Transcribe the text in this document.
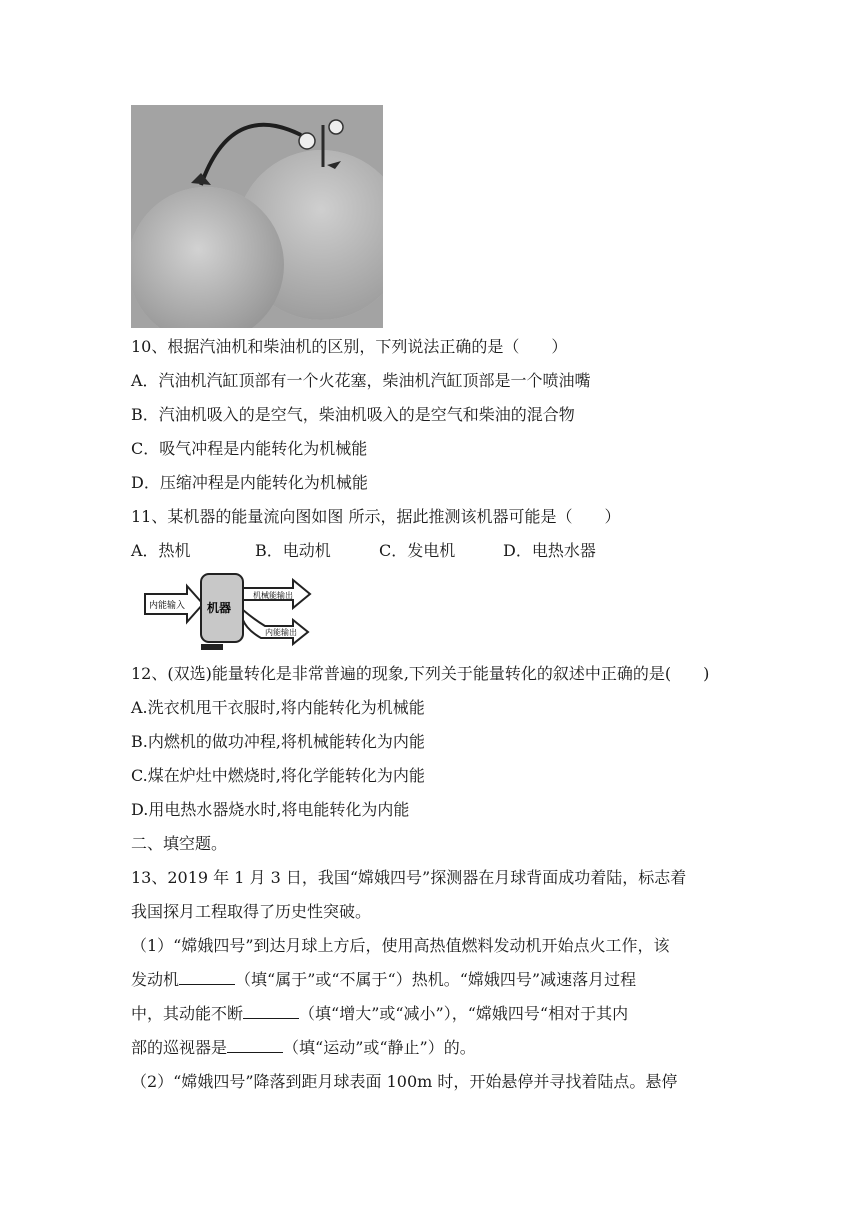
10、根据汽油机和柴油机的区别，下列说法正确的是（　　）
A．汽油机汽缸顶部有一个火花塞，柴油机汽缸顶部是一个喷油嘴
B．汽油机吸入的是空气，柴油机吸入的是空气和柴油的混合物
C．吸气冲程是内能转化为机械能
D．压缩冲程是内能转化为机械能
11、某机器的能量流向图如图 所示，据此推测该机器可能是（　　）
A．热机	B．电动机	C．发电机	D．电热水器
内能输入 机器
机械能输出
内能输出
12、(双选)能量转化是非常普遍的现象,下列关于能量转化的叙述中正确的是(　　)
A.洗衣机甩干衣服时,将内能转化为机械能
B.内燃机的做功冲程,将机械能转化为内能
C.煤在炉灶中燃烧时,将化学能转化为内能
D.用电热水器烧水时,将电能转化为内能
二、填空题。
13、2019 年 1 月 3 日，我国“嫦娥四号”探测器在月球背面成功着陆，标志着
我国探月工程取得了历史性突破。
（1）“嫦娥四号”到达月球上方后，使用高热值燃料发动机开始点火工作，该
发动机	（填“属于”或“不属于“）热机。“嫦娥四号”减速落月过程
中，其动能不断	（填“增大”或“减小”），“嫦娥四号“相对于其内
部的巡视器是	（填“运动”或“静止”）的。
（2）“嫦娥四号”降落到距月球表面 100m 时，开始悬停并寻找着陆点。悬停
